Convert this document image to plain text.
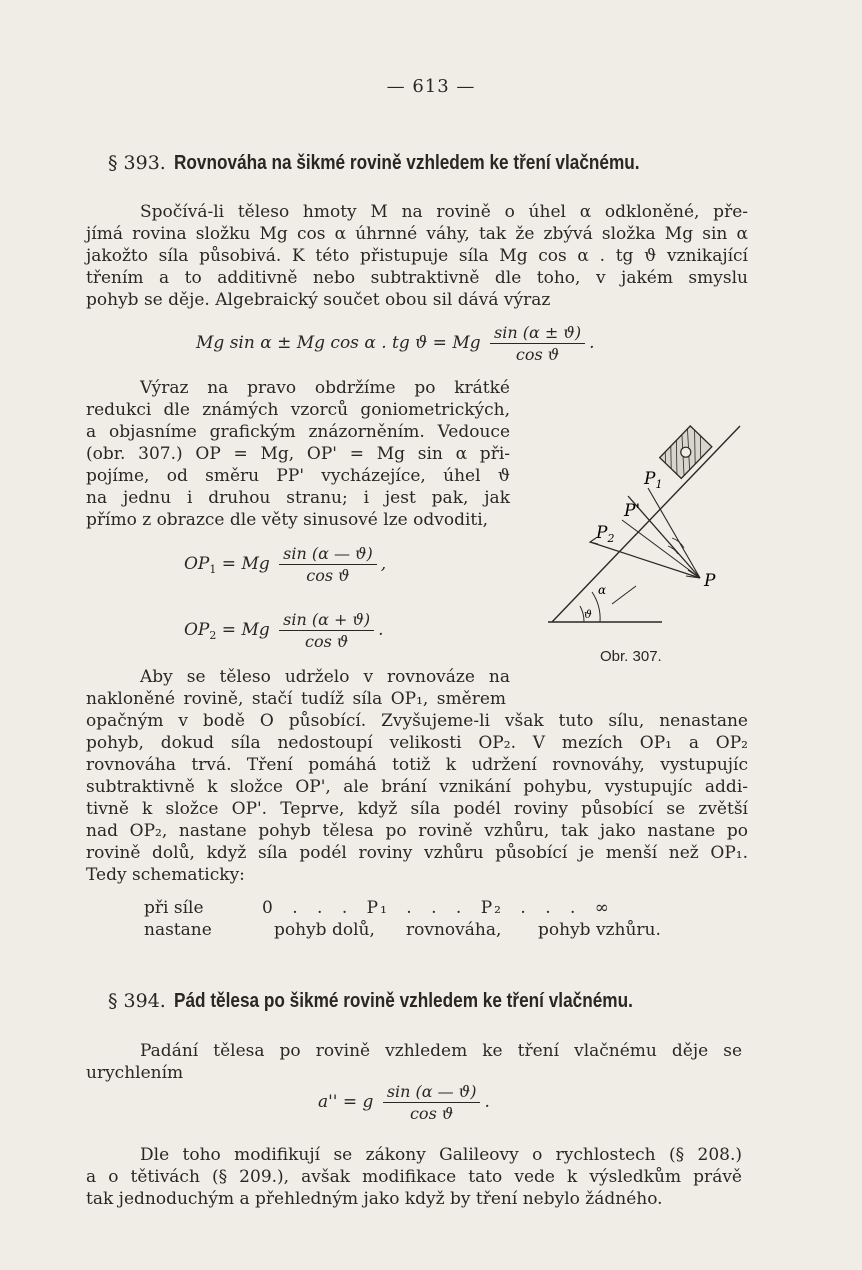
— 613 —
§ 393. Rovnováha na šikmé rovině vzhledem ke tření vlačnému.
Spočívá-li těleso hmoty M na rovině o úhel α odkloněné, pře-
jímá rovina složku Mg cos α úhrnné váhy, tak že zbývá složka Mg sin α
jakožto síla působivá. K této přistupuje síla Mg cos α . tg ϑ vznikající
třením a to additivně nebo subtraktivně dle toho, v jakém smyslu
pohyb se děje. Algebraický součet obou sil dává výraz
Mg sin α ± Mg cos α . tg ϑ = Mg $\frac{\sin (\alpha \pm ϑ)}{\text{cos ϑ}}$ .
Výraz na pravo obdržíme po krátké
redukci dle známých vzorců goniometrických,
a objasníme grafickým znázorněním. Vedouce
(obr. 307.) OP = Mg, OP' = Mg sin α při-
pojíme, od směru PP' vycházejíce, úhel ϑ
na jednu i druhou stranu; i jest pak, jak
přímo z obrazce dle věty sinusové lze odvoditi,
$OP_1 = Mg \frac{\sin (\alpha — ϑ)}{\text{cos ϑ}}$ ,
$OP_2 = Mg \frac{\sin (\alpha + ϑ)}{\text{cos ϑ}}$ .
$P_1$
P'
$P_2$
P
α
ϑ
Obr. 307.
Aby se těleso udrželo v rovnováze na
nakloněné rovině, stačí tudíž síla OP₁, směrem
opačným v bodě O působící. Zvyšujeme-li však tuto sílu, nenastane
pohyb, dokud síla nedostoupí velikosti OP₂. V mezích OP₁ a OP₂
rovnováha trvá. Tření pomáhá totiž k udržení rovnováhy, vystupujíc
subtraktivně k složce OP', ale brání vznikání pohybu, vystupujíc addi-
tivně k složce OP'. Teprve, když síla podél roviny působící se zvětší
nad OP₂, nastane pohyb tělesa po rovině vzhůru, tak jako nastane po
rovině dolů, když síla podél roviny vzhůru působící je menší než OP₁.
Tedy schematicky:
při síle	0 . . . P₁ . . . P₂ . . . ∞
nastane	pohyb dolů, rovnováha, pohyb vzhůru.
§ 394. Pád tělesa po šikmé rovině vzhledem ke tření vlačnému.
Padání tělesa po rovině vzhledem ke tření vlačnému děje se
urychlením
a'' = g $\frac{\sin (\alpha — ϑ)}{\text{cos ϑ}}$ .
Dle toho modifikují se zákony Galileovy o rychlostech (§ 208.)
a o tětivách (§ 209.), avšak modifikace tato vede k výsledkům právě
tak jednoduchým a přehledným jako když by tření nebylo žádného.
